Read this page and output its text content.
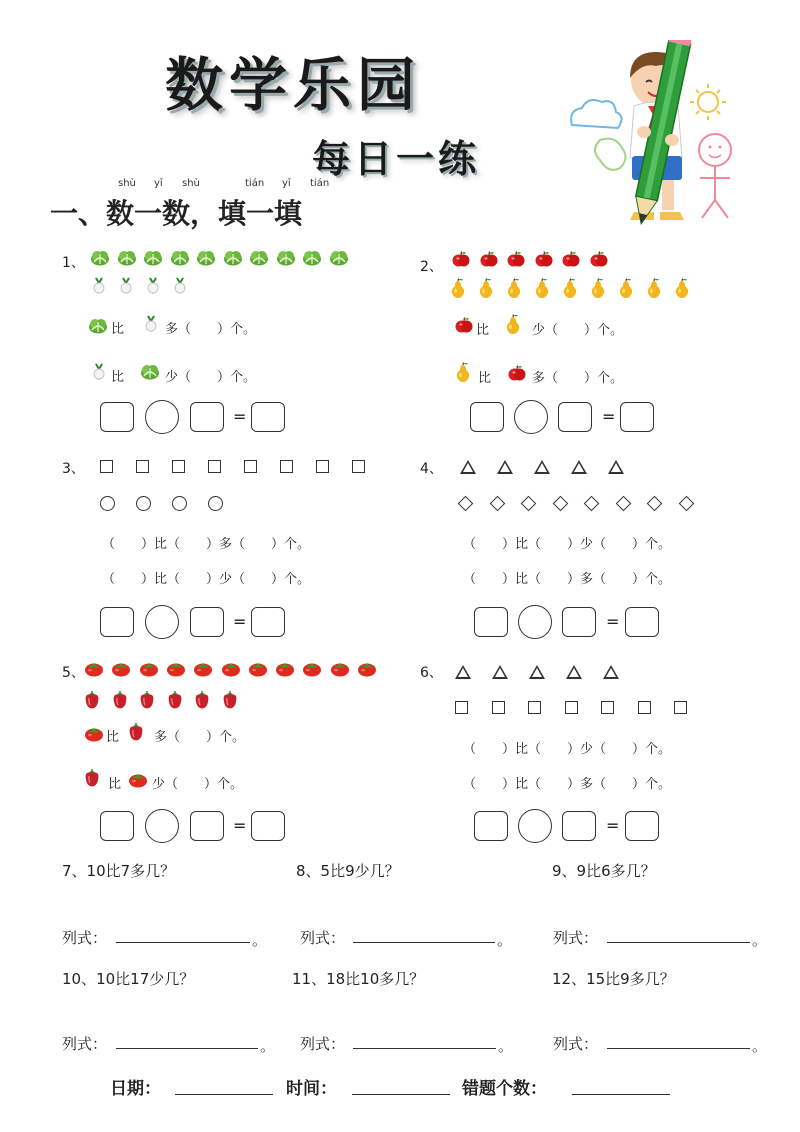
数学乐园
每日一练
shù yī shù	tián yī tián
一、数一数，填一填
1、
比	多（　　）个。
比	少（　　）个。
=
2、
比	少（　　）个。
比	多（　　）个。
=
3、
（　　）比（　　）多（　　）个。
（　　）比（　　）少（　　）个。
=
4、
（　　）比（　　）少（　　）个。
（　　）比（　　）多（　　）个。
=
5、
比	多（　　）个。
比 少（　　）个。
=
6、
（　　）比（　　）少（　　）个。
（　　）比（　　）多（　　）个。
=
7、10比7多几？	8、5比9少几？	9、9比6多几？
列式：	。 列式：	。	列式：	。
10、10比17少几？	11、18比10多几？	12、15比9多几？
列式：	。 列式：	。	列式：	。
日期：	时间：	错题个数：
